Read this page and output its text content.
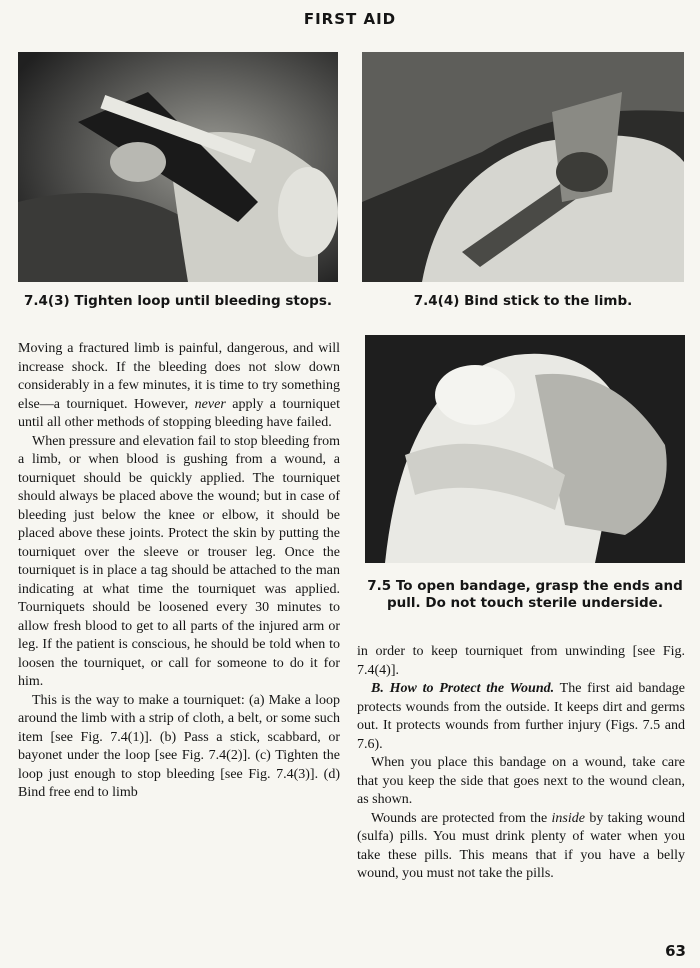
FIRST AID
7.4(3) Tighten loop until bleeding stops.	7.4(4) Bind stick to the limb.
7.5 To open bandage, grasp the ends and pull. Do not touch sterile underside.

Moving a fractured limb is painful, dangerous, and will increase shock. If the bleeding does not slow down considerably in a few minutes, it is time to try something else—a tourniquet. However, never apply a tourniquet until all other methods of stopping bleeding have failed.

When pressure and elevation fail to stop bleeding from a limb, or when blood is gushing from a wound, a tourniquet should be quickly applied. The tourniquet should always be placed above the wound; but in case of bleeding just below the knee or elbow, it should be placed above these joints. Protect the skin by putting the tourniquet over the sleeve or trouser leg. Once the tourniquet is in place a tag should be attached to the man indicating at what time the tourniquet was applied. Tourniquets should be loosened every 30 minutes to allow fresh blood to get to all parts of the injured arm or leg. If the patient is conscious, he should be told when to loosen the tourniquet, or call for someone to do it for him.

This is the way to make a tourniquet: (a) Make a loop around the limb with a strip of cloth, a belt, or some such item [see Fig. 7.4(1)]. (b) Pass a stick, scabbard, or bayonet under the loop [see Fig. 7.4(2)]. (c) Tighten the loop just enough to stop bleeding [see Fig. 7.4(3)]. (d) Bind free end to limb

in order to keep tourniquet from unwinding [see Fig. 7.4(4)].

B. How to Protect the Wound. The first aid bandage protects wounds from the outside. It keeps dirt and germs out. It protects wounds from further injury (Figs. 7.5 and 7.6).

When you place this bandage on a wound, take care that you keep the side that goes next to the wound clean, as shown.

Wounds are protected from the inside by taking wound (sulfa) pills. You must drink plenty of water when you take these pills. This means that if you have a belly wound, you must not take the pills.

63
